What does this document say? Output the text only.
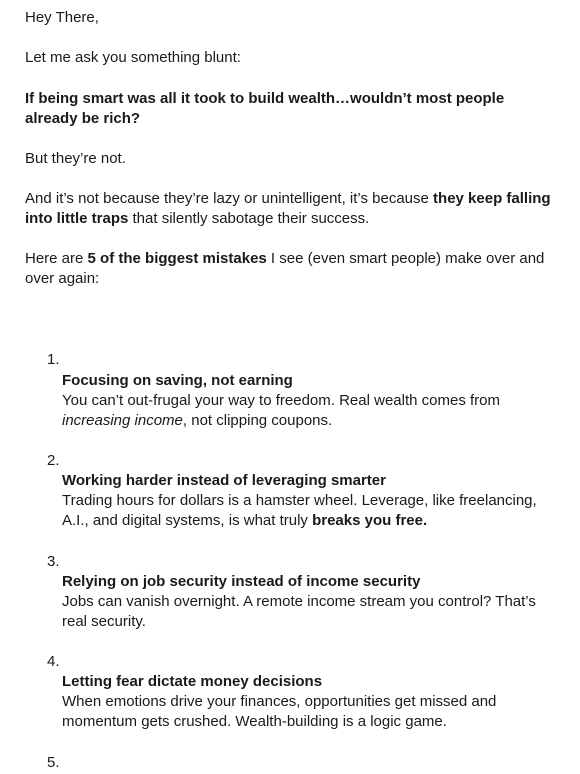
Hey There,

Let me ask you something blunt:

If being smart was all it took to build wealth…wouldn’t most people already be rich?

But they’re not.

And it’s not because they’re lazy or unintelligent, it’s because they keep falling into little traps that silently sabotage their success.

Here are 5 of the biggest mistakes I see (even smart people) make over and over again:

1.

Focusing on saving, not earning
You can’t out-frugal your way to freedom. Real wealth comes from increasing income, not clipping coupons.

2.

Working harder instead of leveraging smarter
Trading hours for dollars is a hamster wheel. Leverage, like freelancing, A.I., and digital systems, is what truly breaks you free.

3.

Relying on job security instead of income security
Jobs can vanish overnight. A remote income stream you control? That’s real security.

4.

Letting fear dictate money decisions
When emotions drive your finances, opportunities get missed and momentum gets crushed. Wealth-building is a logic game.

5.
